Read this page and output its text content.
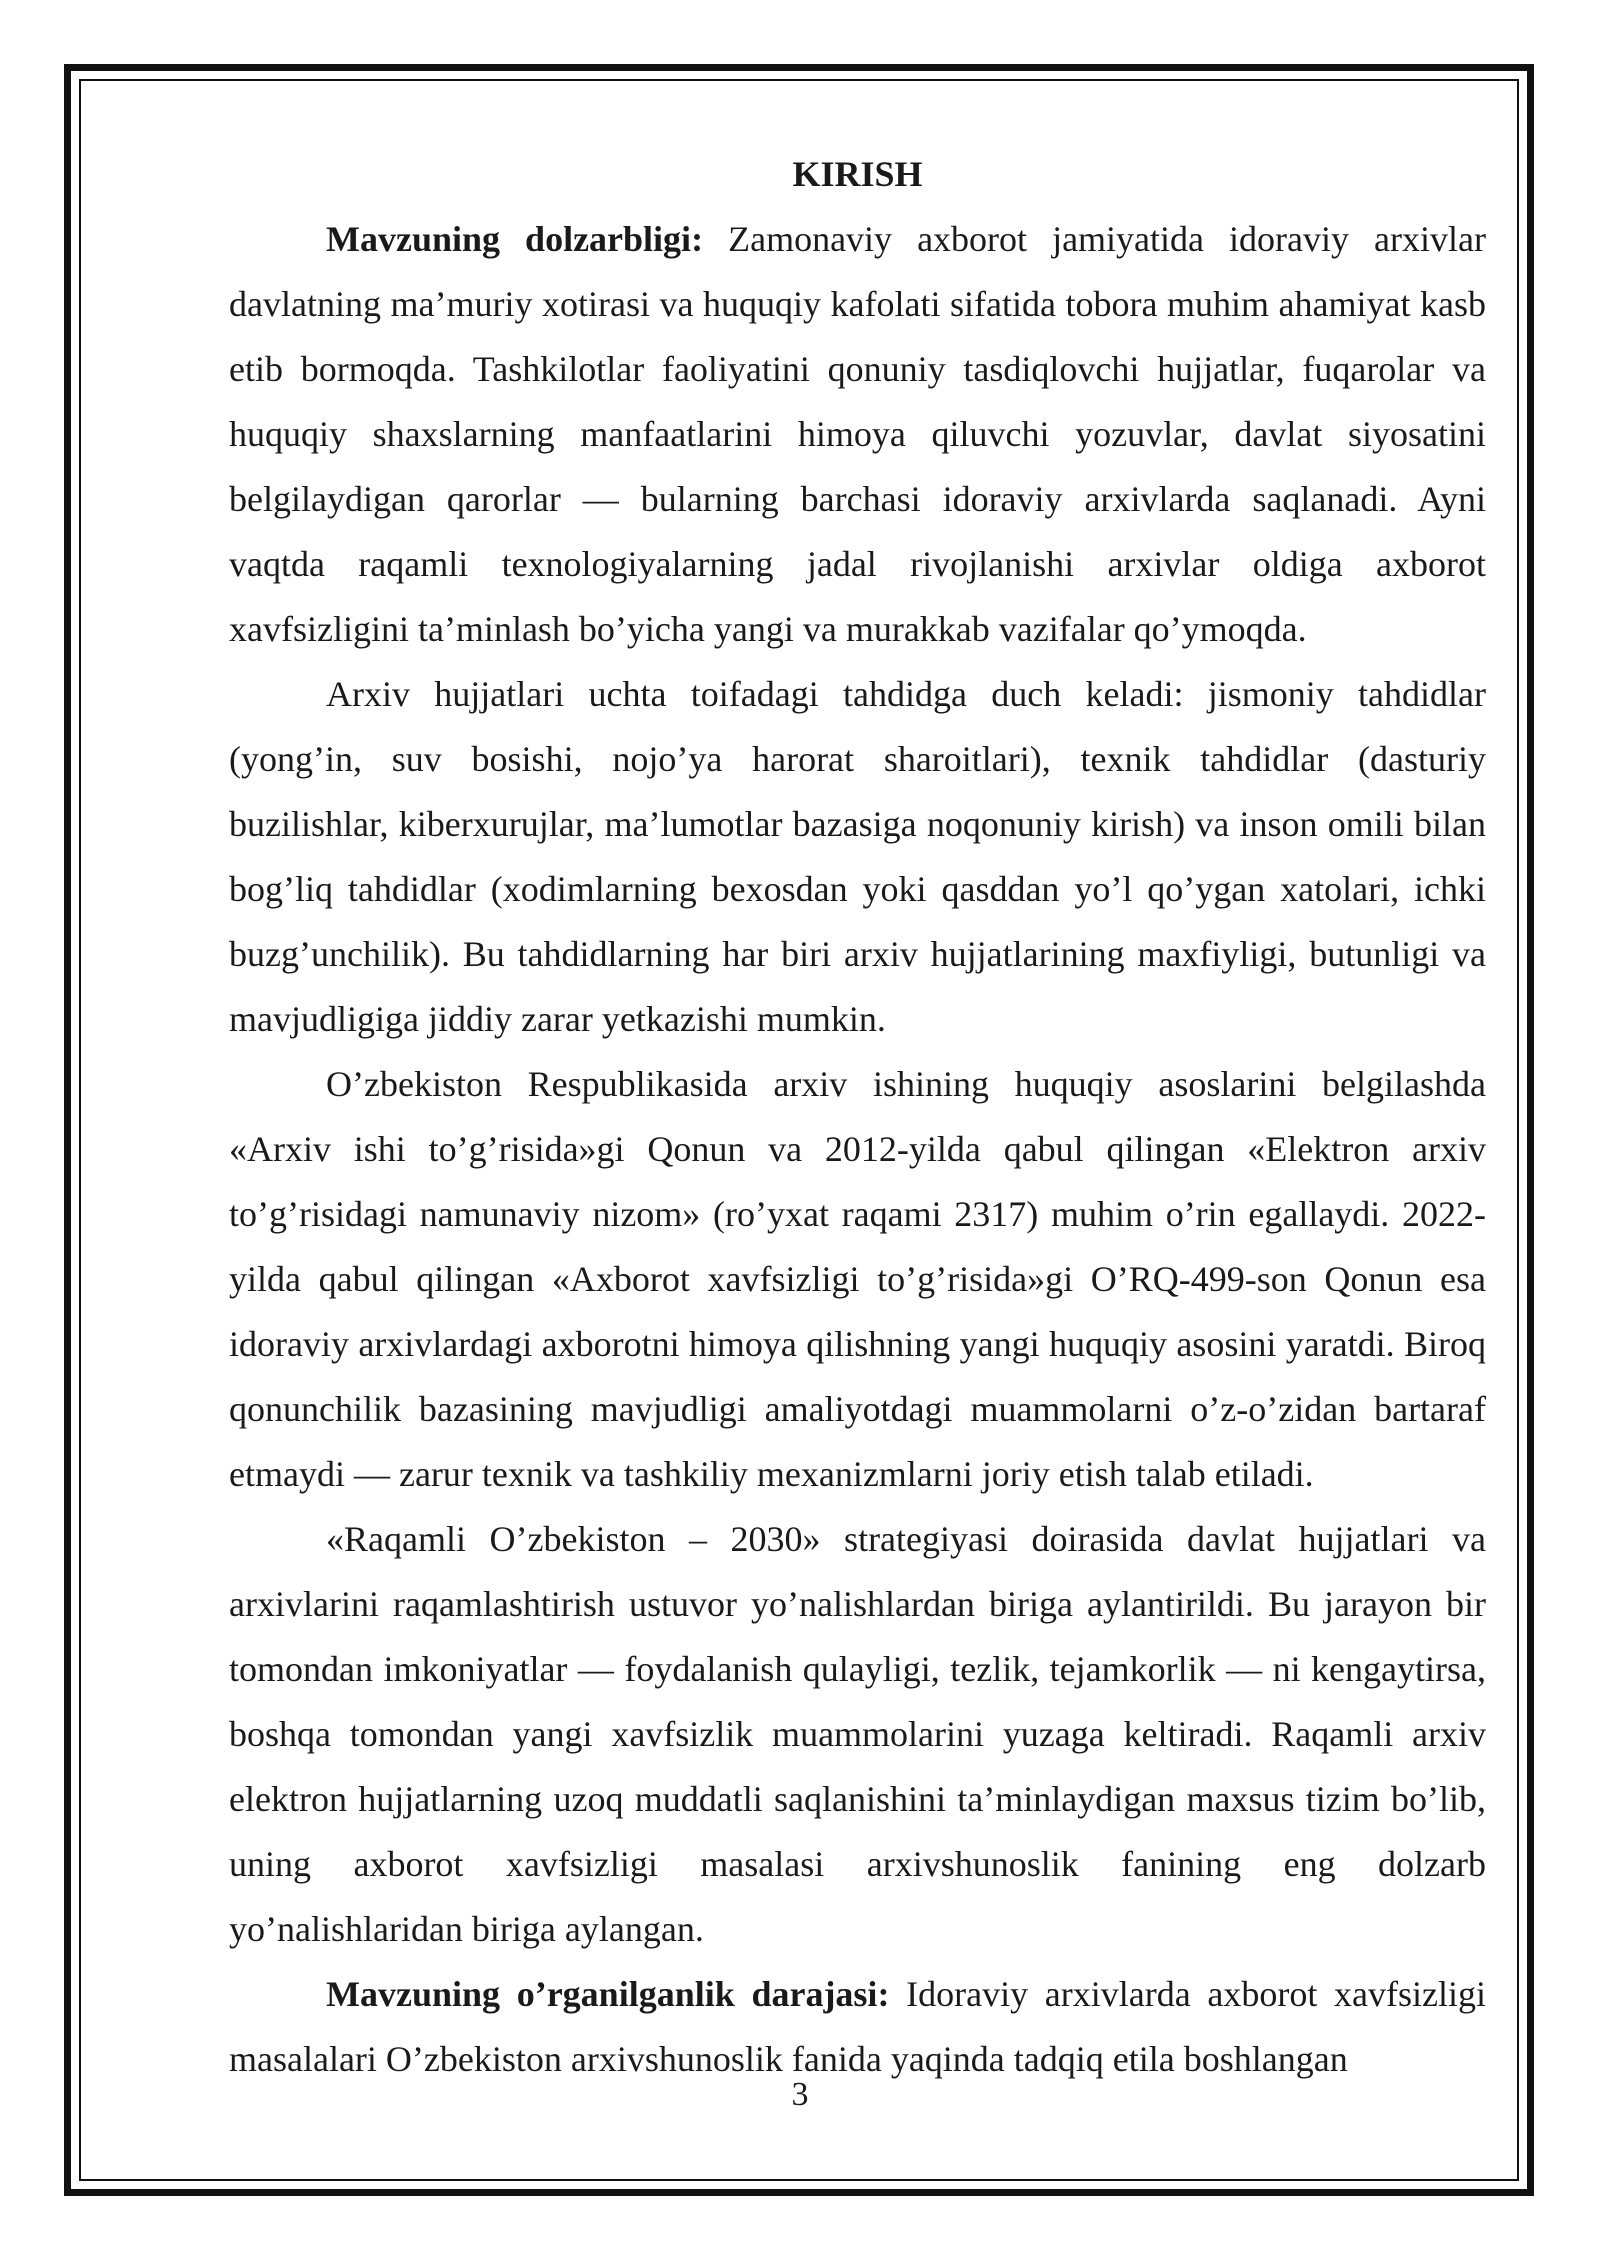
KIRISH

Mavzuning dolzarbligi: Zamonaviy axborot jamiyatida idoraviy arxivlar davlatning ma’muriy xotirasi va huquqiy kafolati sifatida tobora muhim ahamiyat kasb etib bormoqda. Tashkilotlar faoliyatini qonuniy tasdiqlovchi hujjatlar, fuqarolar va huquqiy shaxslarning manfaatlarini himoya qiluvchi yozuvlar, davlat siyosatini belgilaydigan qarorlar — bularning barchasi idoraviy arxivlarda saqlanadi. Ayni vaqtda raqamli texnologiyalarning jadal rivojlanishi arxivlar oldiga axborot xavfsizligini ta’minlash bo’yicha yangi va murakkab vazifalar qo’ymoqda.

Arxiv hujjatlari uchta toifadagi tahdidga duch keladi: jismoniy tahdidlar (yong’in, suv bosishi, nojo’ya harorat sharoitlari), texnik tahdidlar (dasturiy buzilishlar, kiberxurujlar, ma’lumotlar bazasiga noqonuniy kirish) va inson omili bilan bog’liq tahdidlar (xodimlarning bexosdan yoki qasddan yo’l qo’ygan xatolari, ichki buzg’unchilik). Bu tahdidlarning har biri arxiv hujjatlarining maxfiyligi, butunligi va mavjudligiga jiddiy zarar yetkazishi mumkin.

O’zbekiston Respublikasida arxiv ishining huquqiy asoslarini belgilashda «Arxiv ishi to’g’risida»gi Qonun va 2012-yilda qabul qilingan «Elektron arxiv to’g’risidagi namunaviy nizom» (ro’yxat raqami 2317) muhim o’rin egallaydi. 2022-yilda qabul qilingan «Axborot xavfsizligi to’g’risida»gi O’RQ-499-son Qonun esa idoraviy arxivlardagi axborotni himoya qilishning yangi huquqiy asosini yaratdi. Biroq qonunchilik bazasining mavjudligi amaliyotdagi muammolarni o’z-o’zidan bartaraf etmaydi — zarur texnik va tashkiliy mexanizmlarni joriy etish talab etiladi.

«Raqamli O’zbekiston – 2030» strategiyasi doirasida davlat hujjatlari va arxivlarini raqamlashtirish ustuvor yo’nalishlardan biriga aylantirildi. Bu jarayon bir tomondan imkoniyatlar — foydalanish qulayligi, tezlik, tejamkorlik — ni kengaytirsa, boshqa tomondan yangi xavfsizlik muammolarini yuzaga keltiradi. Raqamli arxiv elektron hujjatlarning uzoq muddatli saqlanishini ta’minlaydigan maxsus tizim bo’lib, uning axborot xavfsizligi masalasi arxivshunoslik fanining eng dolzarb yo’nalishlaridan biriga aylangan.

Mavzuning o’rganilganlik darajasi: Idoraviy arxivlarda axborot xavfsizligi masalalari O’zbekiston arxivshunoslik fanida yaqinda tadqiq etila boshlangan

3
